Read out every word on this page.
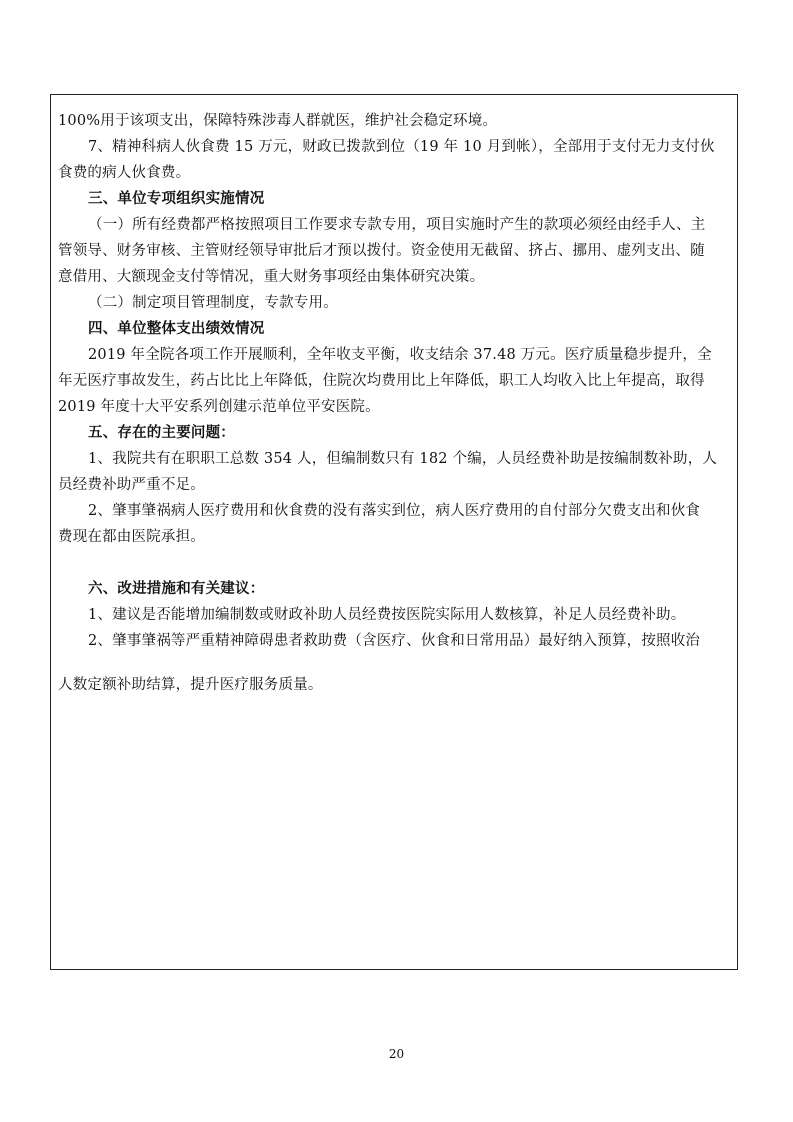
100%用于该项支出，保障特殊涉毒人群就医，维护社会稳定环境。
7、精神科病人伙食费 15 万元，财政已拨款到位（19 年 10 月到帐），全部用于支付无力支付伙
食费的病人伙食费。
三、单位专项组织实施情况
（一）所有经费都严格按照项目工作要求专款专用，项目实施时产生的款项必须经由经手人、主
管领导、财务审核、主管财经领导审批后才预以拨付。资金使用无截留、挤占、挪用、虚列支出、随
意借用、大额现金支付等情况，重大财务事项经由集体研究决策。
（二）制定项目管理制度，专款专用。
四、单位整体支出绩效情况
2019 年全院各项工作开展顺利，全年收支平衡，收支结余 37.48 万元。医疗质量稳步提升，全
年无医疗事故发生，药占比比上年降低，住院次均费用比上年降低，职工人均收入比上年提高，取得
2019 年度十大平安系列创建示范单位平安医院。
五、存在的主要问题：
1、我院共有在职职工总数 354 人，但编制数只有 182 个编，人员经费补助是按编制数补助，人
员经费补助严重不足。
2、肇事肇祸病人医疗费用和伙食费的没有落实到位，病人医疗费用的自付部分欠费支出和伙食
费现在都由医院承担。
六、改进措施和有关建议：
1、建议是否能增加编制数或财政补助人员经费按医院实际用人数核算，补足人员经费补助。
2、肇事肇祸等严重精神障碍患者救助费（含医疗、伙食和日常用品）最好纳入预算，按照收治
人数定额补助结算，提升医疗服务质量。
20
